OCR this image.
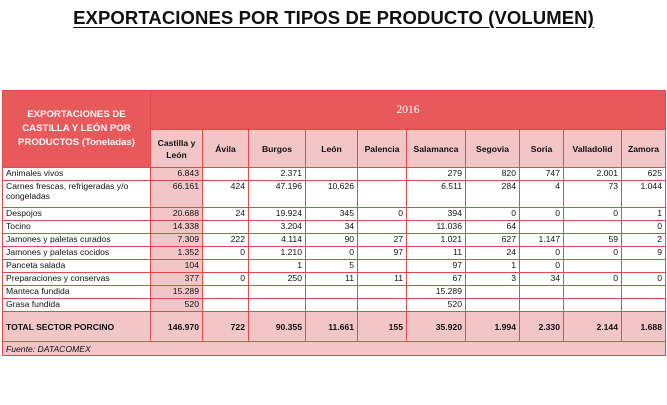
EXPORTACIONES POR TIPOS DE PRODUCTO (VOLUMEN)
EXPORTACIONES DE CASTILLA Y LEÓN POR PRODUCTOS (Toneladas)	2016									
	Castilla y León	Ávila	Burgos	León	Palencia	Salamanca	Segovia	Soria	Valladolid	Zamora
Animales vivos	6.843		2.371			279	820	747	2.001	625
Carnes frescas, refrigeradas y/o congeladas	66.161	424	47.196	10.626		6.511	284	4	73	1.044
Despojos	20.688	24	19.924	345	0	394	0	0	0	1
Tocino	14.338		3.204	34		11.036	64			0
Jamones y paletas curados	7.309	222	4.114	90	27	1.021	627	1.147	59	2
Jamones y paletas cocidos	1.352	0	1.210	0	97	11	24	0	0	9
Panceta salada	104		1	5		97	1	0		
Preparaciones y conservas	377	0	250	11	11	67	3	34	0	0
Manteca fundida	15.289					15.289				
Grasa fundida	520					520				
TOTAL SECTOR PORCINO	146.970	722	90.355	11.661	155	35.920	1.994	2.330	2.144	1.688
Fuente: DATACOMEX										
